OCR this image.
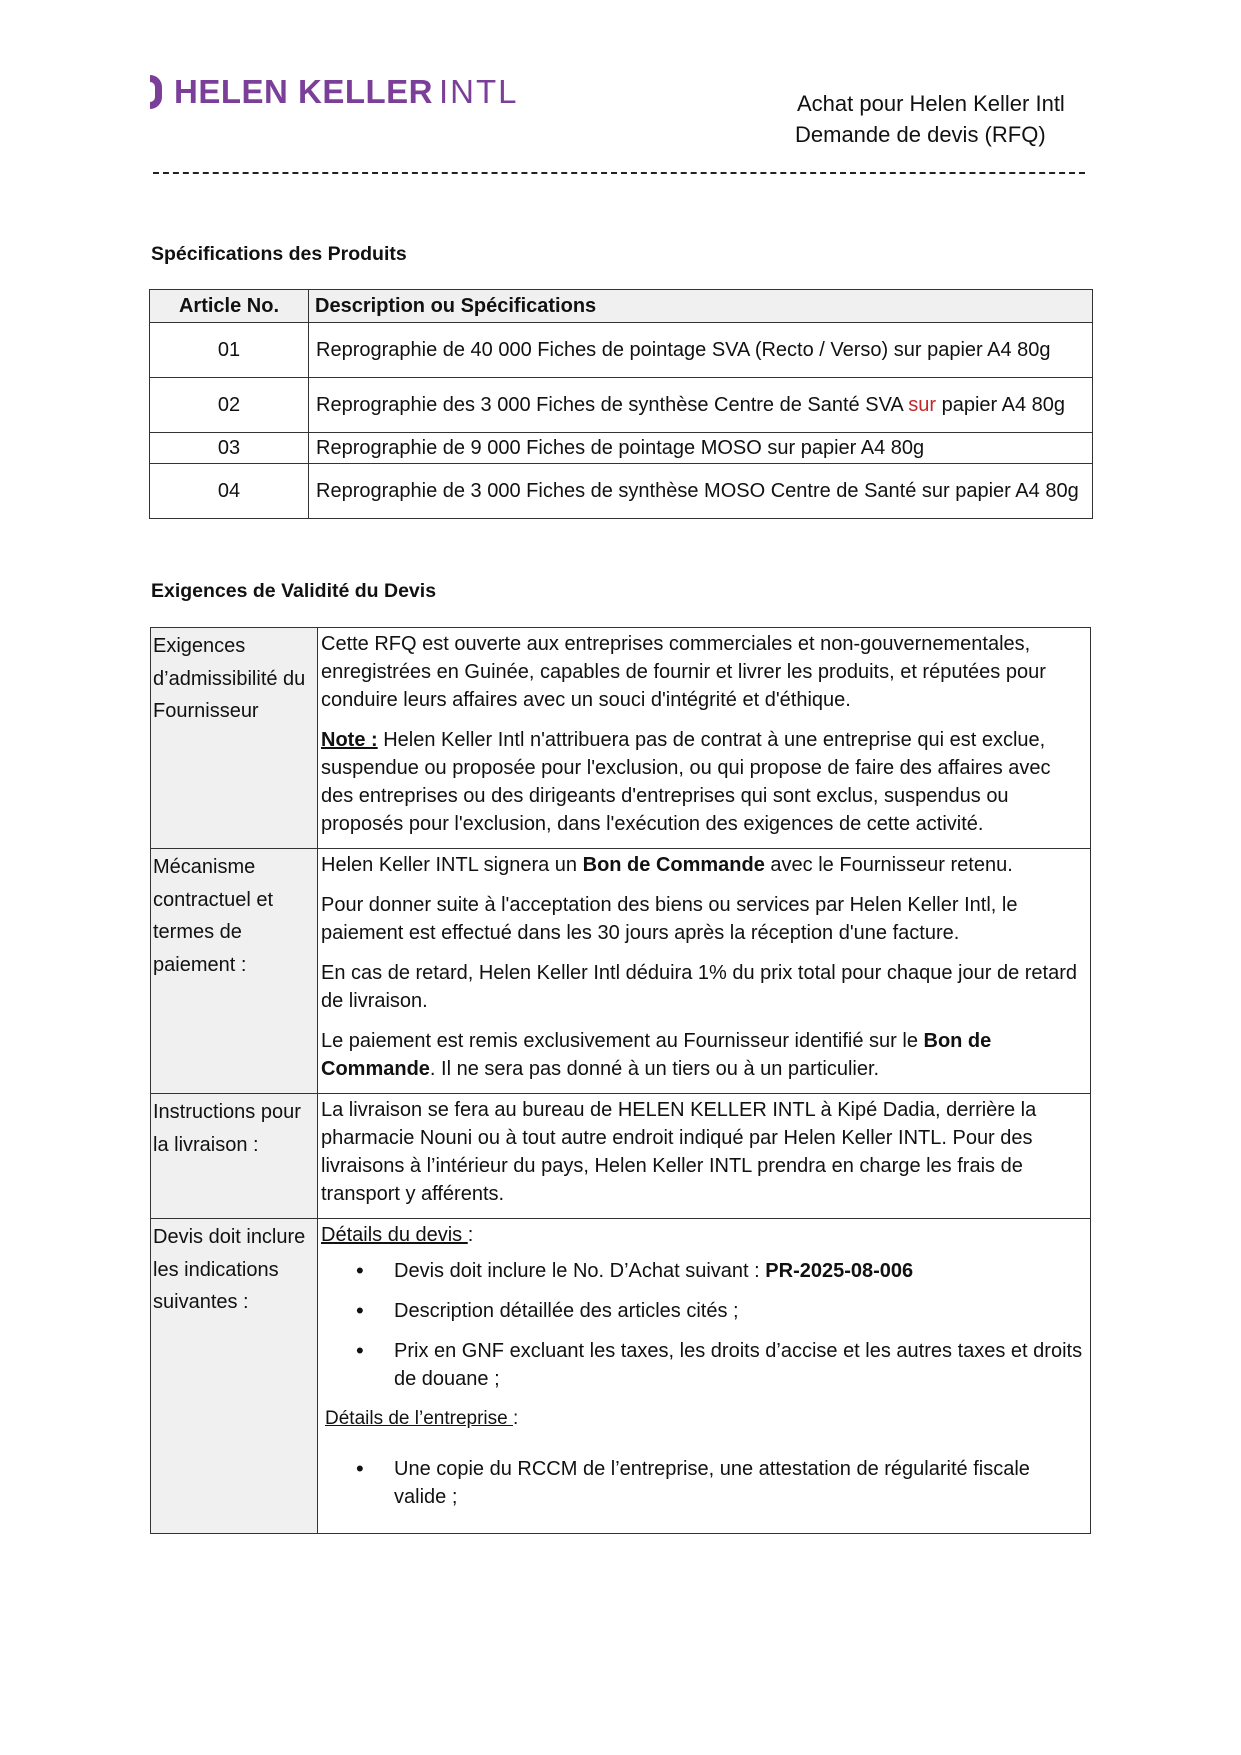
HELEN KELLER INTL	Achat pour Helen Keller Intl
Demande de devis (RFQ)
Spécifications des Produits
Article No.	Description ou Spécifications
01	Reprographie de 40 000 Fiches de pointage SVA (Recto / Verso) sur papier A4 80g
02	Reprographie des 3 000 Fiches de synthèse Centre de Santé SVA sur papier A4 80g
03	Reprographie de 9 000 Fiches de pointage MOSO sur papier A4 80g
04	Reprographie de 3 000 Fiches de synthèse MOSO Centre de Santé sur papier A4 80g
Exigences de Validité du Devis
Exigences d’admissibilité du Fournisseur	Cette RFQ est ouverte aux entreprises commerciales et non-gouvernementales, enregistrées en Guinée, capables de fournir et livrer les produits, et réputées pour conduire leurs affaires avec un souci d'intégrité et d'éthique.

Note : Helen Keller Intl n'attribuera pas de contrat à une entreprise qui est exclue, suspendue ou proposée pour l'exclusion, ou qui propose de faire des affaires avec des entreprises ou des dirigeants d'entreprises qui sont exclus, suspendus ou proposés pour l'exclusion, dans l'exécution des exigences de cette activité.

Mécanisme contractuel et termes de paiement :	Helen Keller INTL signera un Bon de Commande avec le Fournisseur retenu.

Pour donner suite à l'acceptation des biens ou services par Helen Keller Intl, le paiement est effectué dans les 30 jours après la réception d'une facture.

En cas de retard, Helen Keller Intl déduira 1% du prix total pour chaque jour de retard de livraison.

Le paiement est remis exclusivement au Fournisseur identifié sur le Bon de Commande. Il ne sera pas donné à un tiers ou à un particulier.

Instructions pour la livraison :	La livraison se fera au bureau de HELEN KELLER INTL à Kipé Dadia, derrière la pharmacie Nouni ou à tout autre endroit indiqué par Helen Keller INTL. Pour des livraisons à l’intérieur du pays, Helen Keller INTL prendra en charge les frais de transport y afférents.

Devis doit inclure les indications suivantes :	
Détails du devis :
• Devis doit inclure le No. D’Achat suivant : PR-2025-08-006
• Description détaillée des articles cités ;
• Prix en GNF excluant les taxes, les droits d’accise et les autres taxes et droits de douane ;
Détails de l’entreprise :
• Une copie du RCCM de l’entreprise, une attestation de régularité fiscale valide ;
